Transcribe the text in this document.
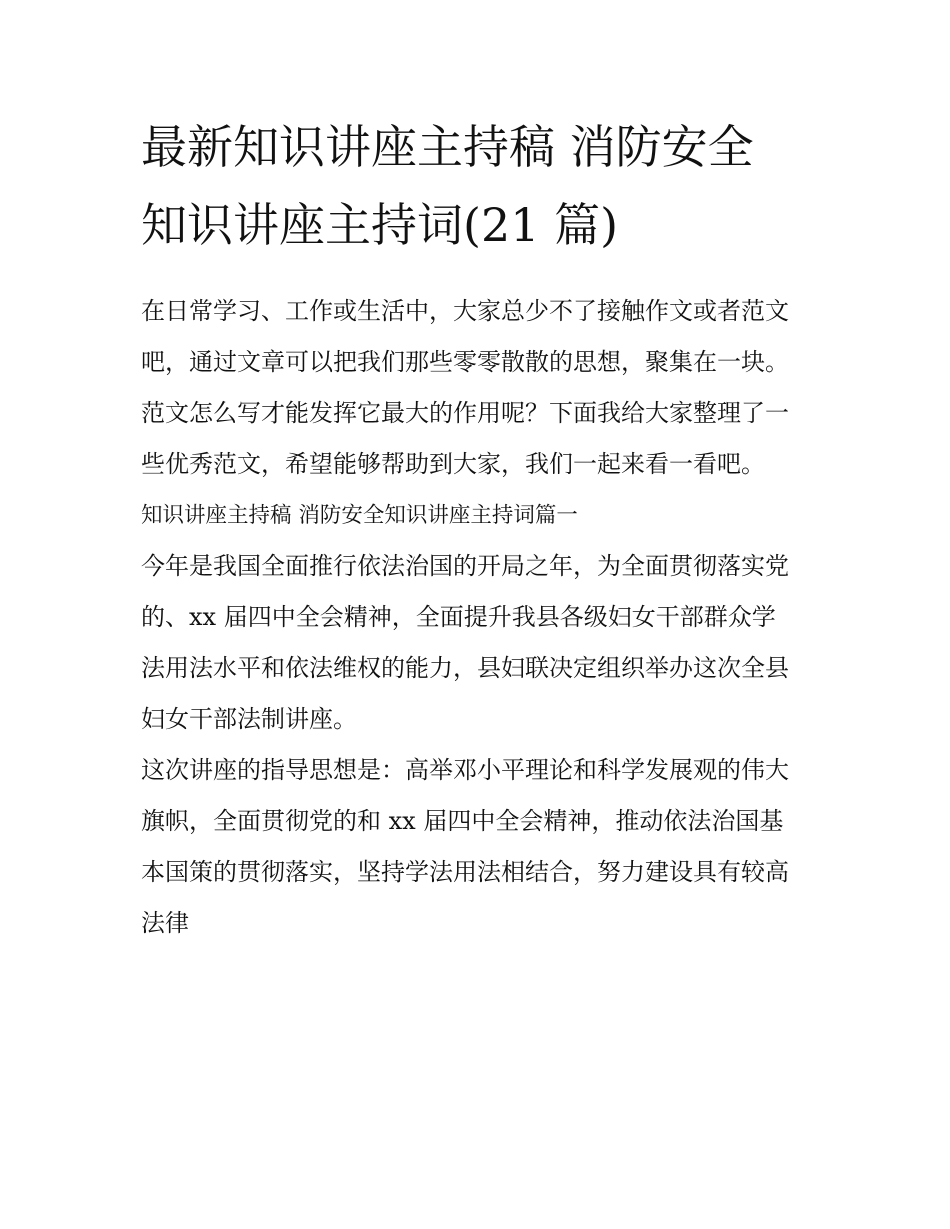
最新知识讲座主持稿 消防安全
知识讲座主持词(21 篇)

在日常学习、工作或生活中，大家总少不了接触作文或者范文
吧，通过文章可以把我们那些零零散散的思想，聚集在一块。
范文怎么写才能发挥它最大的作用呢？下面我给大家整理了一
些优秀范文，希望能够帮助到大家，我们一起来看一看吧。

知识讲座主持稿 消防安全知识讲座主持词篇一

今年是我国全面推行依法治国的开局之年，为全面贯彻落实党
的、xx 届四中全会精神，全面提升我县各级妇女干部群众学
法用法水平和依法维权的能力，县妇联决定组织举办这次全县
妇女干部法制讲座。

这次讲座的指导思想是：高举邓小平理论和科学发展观的伟大
旗帜，全面贯彻党的和 xx 届四中全会精神，推动依法治国基
本国策的贯彻落实，坚持学法用法相结合，努力建设具有较高
法律
